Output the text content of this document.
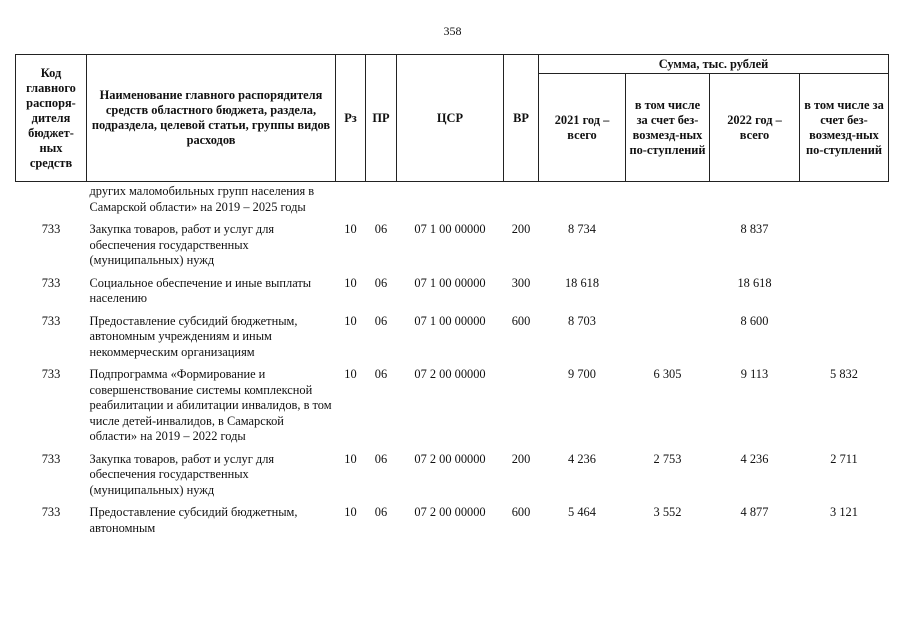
358
Код главного распоря-дителя бюджет-ных средств	Наименование главного распорядителя средств областного бюджета, раздела, подраздела, целевой статьи, группы видов расходов	Рз	ПР	ЦСР	ВР	Сумма, тыс. рублей			
						2021 год – всего	в том числе за счет без-возмезд-ных по-ступлений	2022 год – всего	в том числе за счет без-возмезд-ных по-ступлений
	других маломобильных групп населения в Самарской области» на 2019 – 2025 годы								
733	Закупка товаров, работ и услуг для обеспечения государственных (муниципальных) нужд	10	06	07 1 00 00000	200	8 734		8 837	
733	Социальное обеспечение и иные выплаты населению	10	06	07 1 00 00000	300	18 618		18 618	
733	Предоставление субсидий бюджетным, автономным учреждениям и иным некоммерческим организациям	10	06	07 1 00 00000	600	8 703		8 600	
733	Подпрограмма «Формирование и совершенствование системы комплексной реабилитации и абилитации инвалидов, в том числе детей-инвалидов, в Самарской области» на 2019 – 2022 годы	10	06	07 2 00 00000		9 700	6 305	9 113	5 832
733	Закупка товаров, работ и услуг для обеспечения государственных (муниципальных) нужд	10	06	07 2 00 00000	200	4 236	2 753	4 236	2 711
733	Предоставление субсидий бюджетным, автономным	10	06	07 2 00 00000	600	5 464	3 552	4 877	3 121
